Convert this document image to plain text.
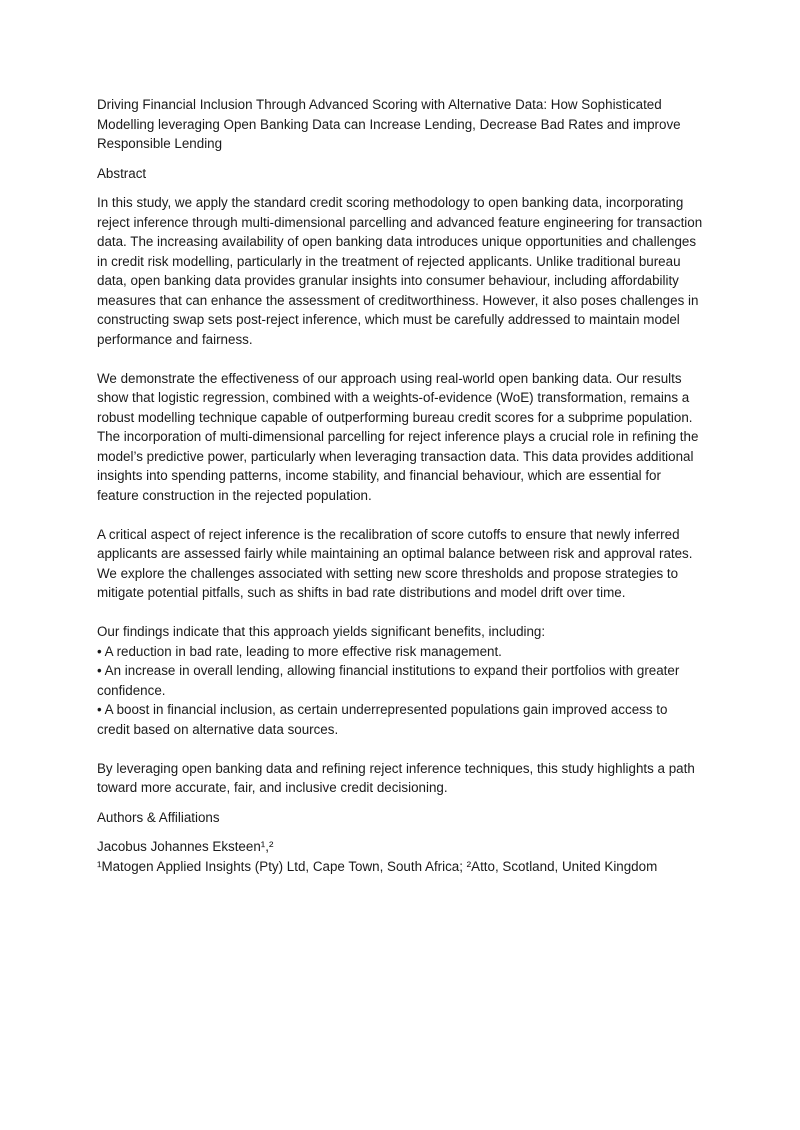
Driving Financial Inclusion Through Advanced Scoring with Alternative Data: How Sophisticated Modelling leveraging Open Banking Data can Increase Lending, Decrease Bad Rates and improve Responsible Lending

Abstract

In this study, we apply the standard credit scoring methodology to open banking data, incorporating reject inference through multi-dimensional parcelling and advanced feature engineering for transaction data. The increasing availability of open banking data introduces unique opportunities and challenges in credit risk modelling, particularly in the treatment of rejected applicants. Unlike traditional bureau data, open banking data provides granular insights into consumer behaviour, including affordability measures that can enhance the assessment of creditworthiness. However, it also poses challenges in constructing swap sets post-reject inference, which must be carefully addressed to maintain model performance and fairness.

We demonstrate the effectiveness of our approach using real-world open banking data. Our results show that logistic regression, combined with a weights-of-evidence (WoE) transformation, remains a robust modelling technique capable of outperforming bureau credit scores for a subprime population. The incorporation of multi-dimensional parcelling for reject inference plays a crucial role in refining the model’s predictive power, particularly when leveraging transaction data. This data provides additional insights into spending patterns, income stability, and financial behaviour, which are essential for feature construction in the rejected population.

A critical aspect of reject inference is the recalibration of score cutoffs to ensure that newly inferred applicants are assessed fairly while maintaining an optimal balance between risk and approval rates. We explore the challenges associated with setting new score thresholds and propose strategies to mitigate potential pitfalls, such as shifts in bad rate distributions and model drift over time.

Our findings indicate that this approach yields significant benefits, including:

• A reduction in bad rate, leading to more effective risk management.

• An increase in overall lending, allowing financial institutions to expand their portfolios with greater confidence.

• A boost in financial inclusion, as certain underrepresented populations gain improved access to credit based on alternative data sources.

By leveraging open banking data and refining reject inference techniques, this study highlights a path toward more accurate, fair, and inclusive credit decisioning.

Authors & Affiliations

Jacobus Johannes Eksteen¹,²

¹Matogen Applied Insights (Pty) Ltd, Cape Town, South Africa; ²Atto, Scotland, United Kingdom
